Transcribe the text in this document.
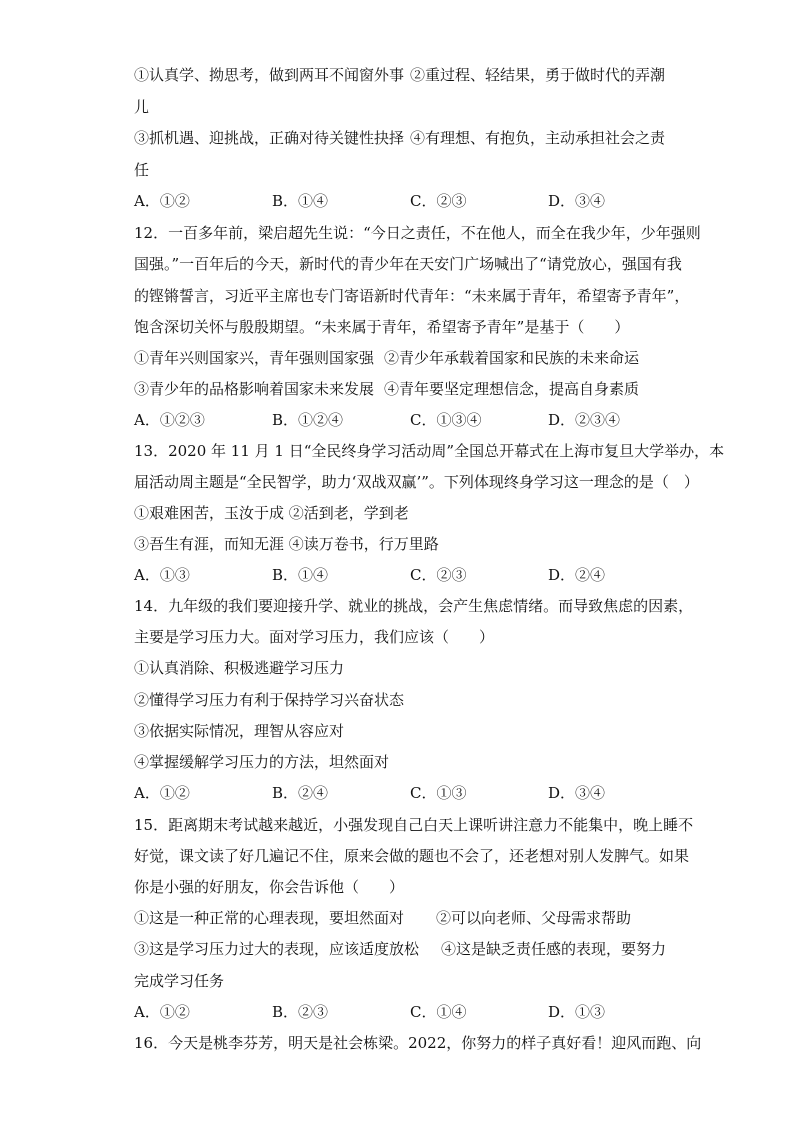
①认真学、拗思考，做到两耳不闻窗外事 ②重过程、轻结果，勇于做时代的弄潮
儿
③抓机遇、迎挑战，正确对待关键性抉择 ④有理想、有抱负，主动承担社会之责
任
A．①②	B．①④	C．②③	D．③④
12．一百多年前，梁启超先生说：“今日之责任，不在他人，而全在我少年，少年强则
国强。”一百年后的今天，新时代的青少年在天安门广场喊出了“请党放心，强国有我
的铿锵誓言，习近平主席也专门寄语新时代青年：“未来属于青年，希望寄予青年”，
饱含深切关怀与殷殷期望。“未来属于青年，希望寄予青年”是基于（　　）
①青年兴则国家兴，青年强则国家强 ②青少年承载着国家和民族的未来命运
③青少年的品格影响着国家未来发展 ④青年要坚定理想信念，提高自身素质
A．①②③	B．①②④	C．①③④	D．②③④
13．2020 年 11 月 1 日“全民终身学习活动周”全国总开幕式在上海市复旦大学举办，本
届活动周主题是“全民智学，助力‘双战双赢’”。下列体现终身学习这一理念的是（　）
①艰难困苦，玉汝于成 ②活到老，学到老
③吾生有涯，而知无涯 ④读万卷书，行万里路
A．①③	B．①④	C．②③	D．②④
14．九年级的我们要迎接升学、就业的挑战，会产生焦虑情绪。而导致焦虑的因素，
主要是学习压力大。面对学习压力，我们应该（　　）
①认真消除、积极逃避学习压力
②懂得学习压力有利于保持学习兴奋状态
③依据实际情况，理智从容应对
④掌握缓解学习压力的方法，坦然面对
A．①②	B．②④	C．①③	D．③④
15．距离期末考试越来越近，小强发现自己白天上课听讲注意力不能集中，晚上睡不
好觉，课文读了好几遍记不住，原来会做的题也不会了，还老想对别人发脾气。如果
你是小强的好朋友，你会告诉他（　　）
①这是一种正常的心理表现，要坦然面对 ②可以向老师、父母需求帮助
③这是学习压力过大的表现，应该适度放松 ④这是缺乏责任感的表现，要努力
完成学习任务
A．①②	B．②③	C．①④	D．①③
16．今天是桃李芬芳，明天是社会栋梁。2022，你努力的样子真好看！迎风而跑、向
